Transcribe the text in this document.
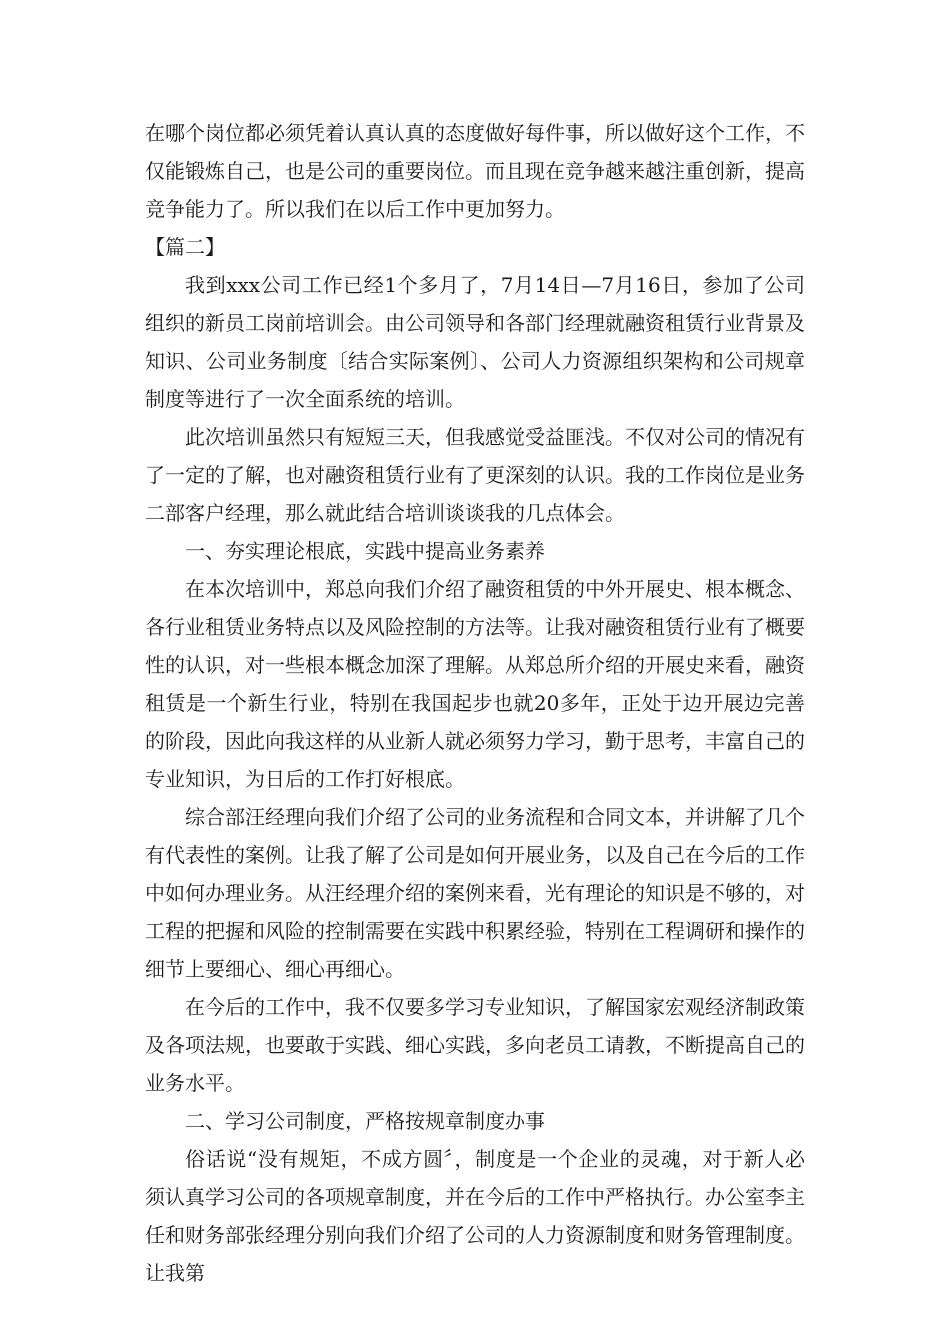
在哪个岗位都必须凭着认真认真的态度做好每件事，所以做好这个工作，不仅能锻炼自己，也是公司的重要岗位。而且现在竞争越来越注重创新，提高竞争能力了。所以我们在以后工作中更加努力。

【篇二】

我到xxx公司工作已经1个多月了，7月14日—7月16日，参加了公司组织的新员工岗前培训会。由公司领导和各部门经理就融资租赁行业背景及知识、公司业务制度〔结合实际案例〕、公司人力资源组织架构和公司规章制度等进行了一次全面系统的培训。

此次培训虽然只有短短三天，但我感觉受益匪浅。不仅对公司的情况有了一定的了解，也对融资租赁行业有了更深刻的认识。我的工作岗位是业务二部客户经理，那么就此结合培训谈谈我的几点体会。

一、夯实理论根底，实践中提高业务素养

在本次培训中，郑总向我们介绍了融资租赁的中外开展史、根本概念、各行业租赁业务特点以及风险控制的方法等。让我对融资租赁行业有了概要性的认识，对一些根本概念加深了理解。从郑总所介绍的开展史来看，融资租赁是一个新生行业，特别在我国起步也就20多年，正处于边开展边完善的阶段，因此向我这样的从业新人就必须努力学习，勤于思考，丰富自己的专业知识，为日后的工作打好根底。

综合部汪经理向我们介绍了公司的业务流程和合同文本，并讲解了几个有代表性的案例。让我了解了公司是如何开展业务，以及自己在今后的工作中如何办理业务。从汪经理介绍的案例来看，光有理论的知识是不够的，对工程的把握和风险的控制需要在实践中积累经验，特别在工程调研和操作的细节上要细心、细心再细心。

在今后的工作中，我不仅要多学习专业知识，了解国家宏观经济制政策及各项法规，也要敢于实践、细心实践，多向老员工请教，不断提高自己的业务水平。

二、学习公司制度，严格按规章制度办事

俗话说“没有规矩，不成方圆〞，制度是一个企业的灵魂，对于新人必须认真学习公司的各项规章制度，并在今后的工作中严格执行。办公室李主任和财务部张经理分别向我们介绍了公司的人力资源制度和财务管理制度。让我第
